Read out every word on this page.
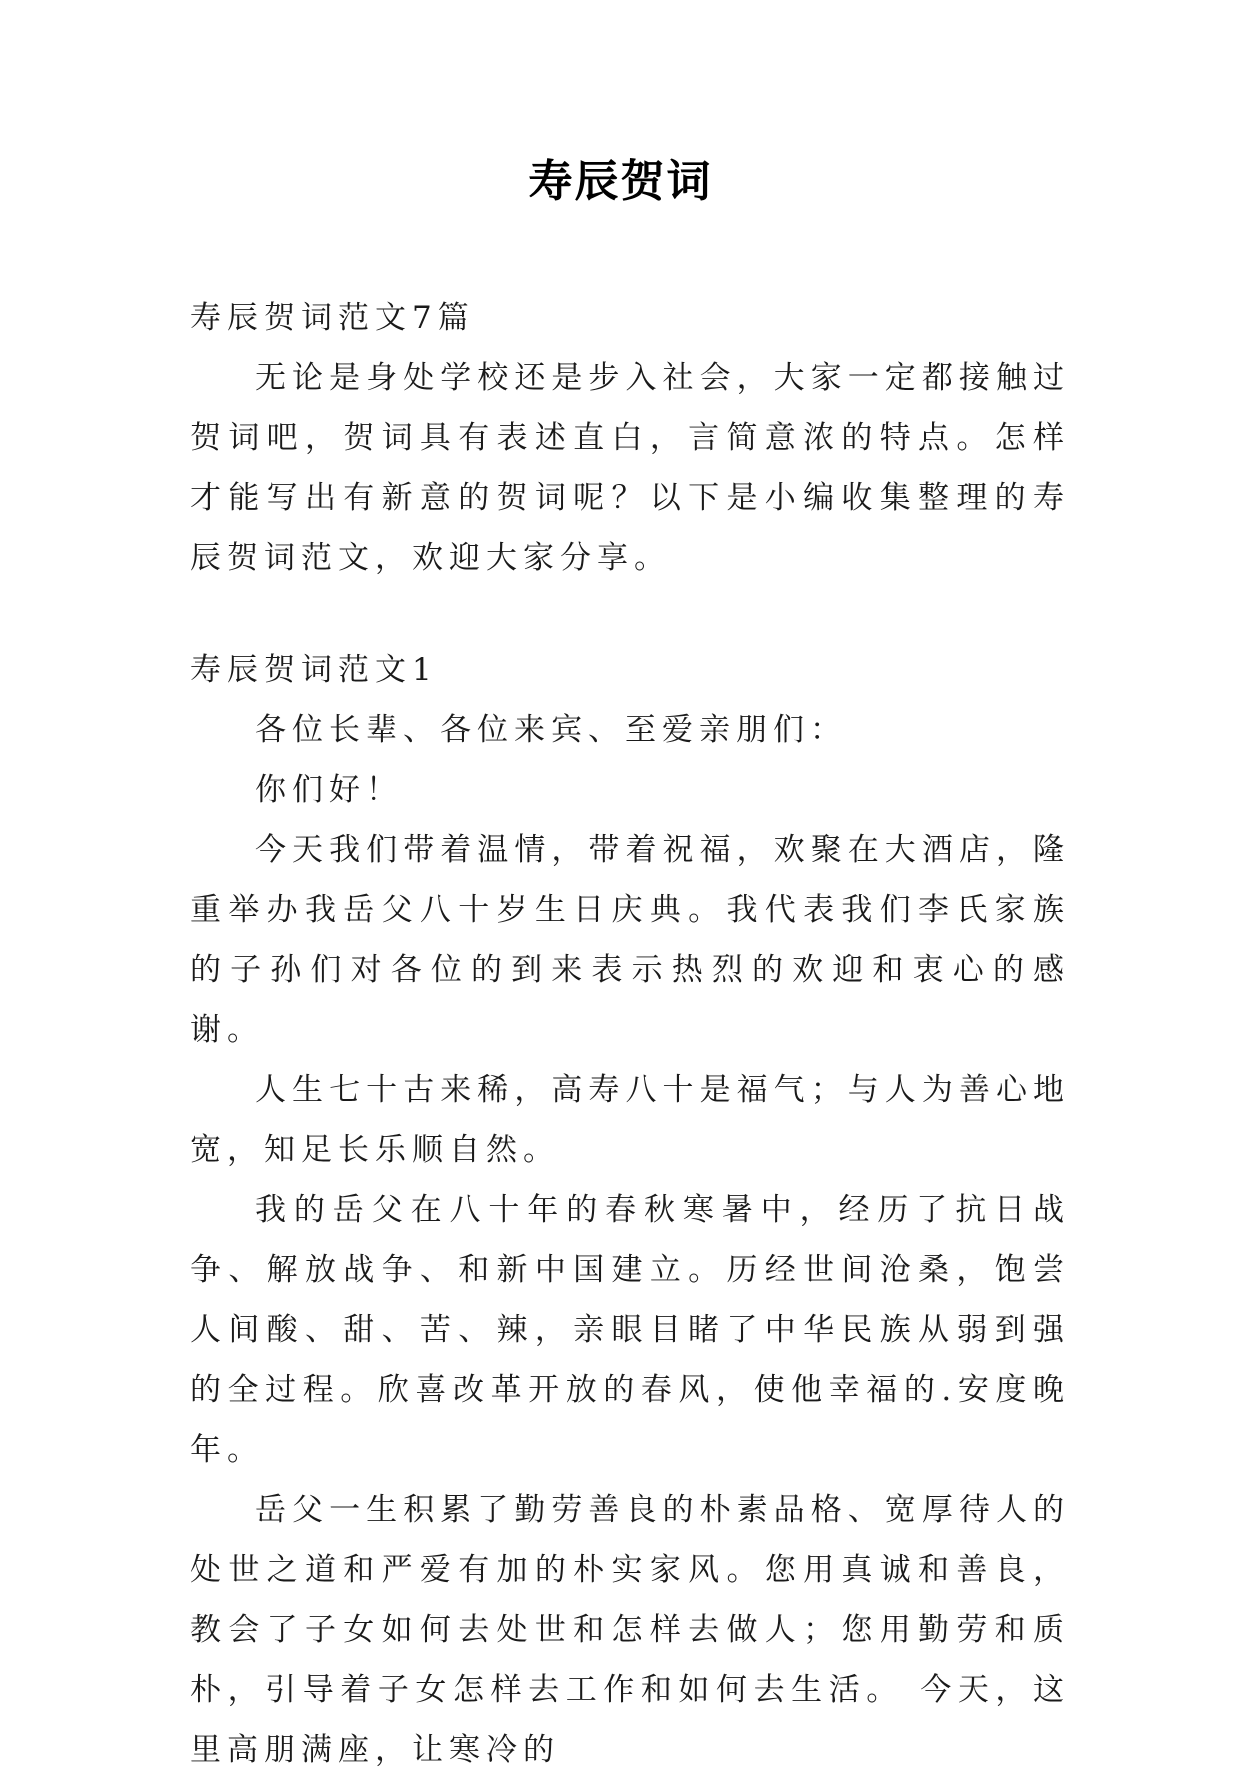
寿辰贺词

寿辰贺词范文7篇

无论是身处学校还是步入社会，大家一定都接触过贺词吧，贺词具有表述直白，言简意浓的特点。怎样才能写出有新意的贺词呢？以下是小编收集整理的寿辰贺词范文，欢迎大家分享。

寿辰贺词范文1

各位长辈、各位来宾、至爱亲朋们：

你们好！

今天我们带着温情，带着祝福，欢聚在大酒店，隆重举办我岳父八十岁生日庆典。我代表我们李氏家族的子孙们对各位的到来表示热烈的欢迎和衷心的感谢。

人生七十古来稀，高寿八十是福气；与人为善心地宽，知足长乐顺自然。

我的岳父在八十年的春秋寒暑中，经历了抗日战争、解放战争、和新中国建立。历经世间沧桑，饱尝人间酸、甜、苦、辣，亲眼目睹了中华民族从弱到强的全过程。欣喜改革开放的春风，使他幸福的.安度晚年。

岳父一生积累了勤劳善良的朴素品格、宽厚待人的处世之道和严爱有加的朴实家风。您用真诚和善良，教会了子女如何去处世和怎样去做人；您用勤劳和质朴，引导着子女怎样去工作和如何去生活。 今天，这里高朋满座，让寒冷的
